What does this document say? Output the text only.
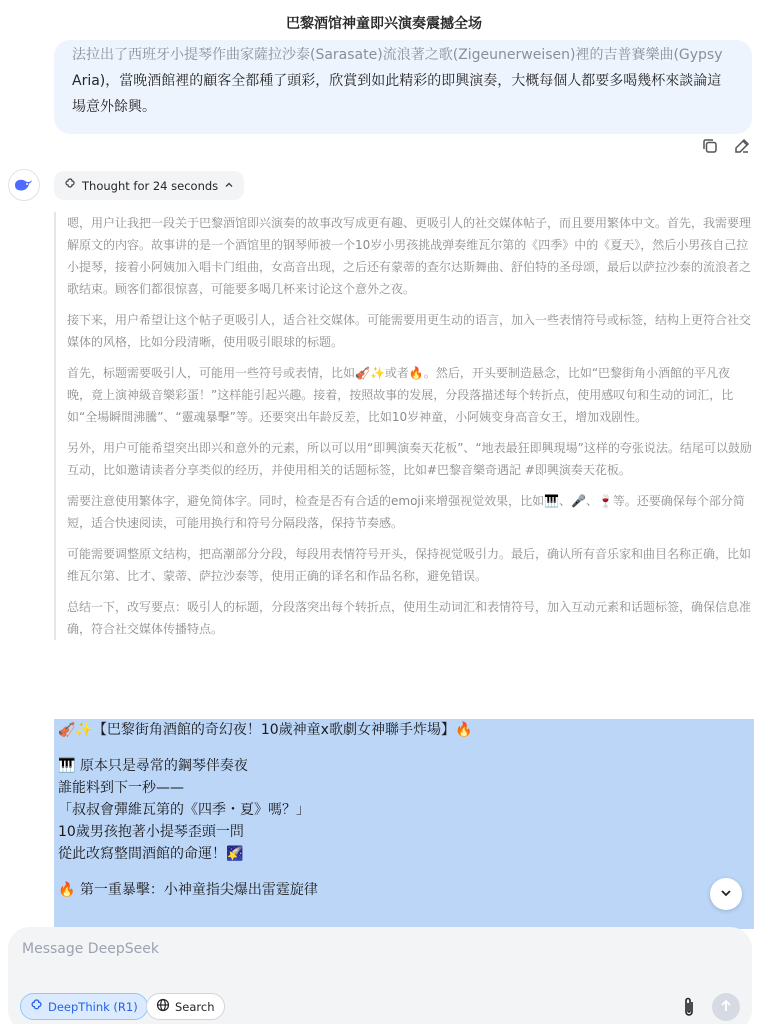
巴黎酒馆神童即兴演奏震撼全场
法拉出了西班牙小提琴作曲家薩拉沙泰(Sarasate)流浪著之歌(Zigeunerweisen)裡的吉普賽樂曲(Gypsy
Aria)，當晚酒館裡的顧客全都種了頭彩，欣賞到如此精彩的即興演奏，大概每個人都要多喝幾杯來談論這
場意外餘興。
Thought for 24 seconds

嗯，用户让我把一段关于巴黎酒馆即兴演奏的故事改写成更有趣、更吸引人的社交媒体帖子，而且要用繁体中文。首先，我需要理解原文的内容。故事讲的是一个酒馆里的钢琴师被一个10岁小男孩挑战弹奏维瓦尔第的《四季》中的《夏天》，然后小男孩自己拉小提琴，接着小阿姨加入唱卡门组曲，女高音出现，之后还有蒙蒂的查尔达斯舞曲、舒伯特的圣母颂，最后以萨拉沙泰的流浪者之歌结束。顾客们都很惊喜，可能要多喝几杯来讨论这个意外之夜。

接下来，用户希望让这个帖子更吸引人，适合社交媒体。可能需要用更生动的语言，加入一些表情符号或标签，结构上更符合社交媒体的风格，比如分段清晰，使用吸引眼球的标题。

首先，标题需要吸引人，可能用一些符号或表情，比如🎻✨或者🔥。然后，开头要制造悬念，比如“巴黎街角小酒館的平凡夜晚，竟上演神級音樂彩蛋！”这样能引起兴趣。接着，按照故事的发展，分段落描述每个转折点，使用感叹句和生动的词汇，比如“全場瞬間沸騰”、“靈魂暴擊”等。还要突出年龄反差，比如10岁神童，小阿姨变身高音女王，增加戏剧性。

另外，用户可能希望突出即兴和意外的元素，所以可以用“即興演奏天花板”、“地表最狂即興現場”这样的夸张说法。结尾可以鼓励互动，比如邀请读者分享类似的经历，并使用相关的话题标签，比如#巴黎音樂奇遇記 #即興演奏天花板。

需要注意使用繁体字，避免简体字。同时，检查是否有合适的emoji来增强视觉效果，比如🎹、🎤、🍷等。还要确保每个部分简短，适合快速阅读，可能用换行和符号分隔段落，保持节奏感。

可能需要调整原文结构，把高潮部分分段，每段用表情符号开头，保持视觉吸引力。最后，确认所有音乐家和曲目名称正确，比如维瓦尔第、比才、蒙蒂、萨拉沙泰等，使用正确的译名和作品名称，避免错误。

总结一下，改写要点：吸引人的标题，分段落突出每个转折点，使用生动词汇和表情符号，加入互动元素和话题标签，确保信息准确，符合社交媒体传播特点。

🎻✨【巴黎街角酒館的奇幻夜！10歲神童x歌劇女神聯手炸場】🔥
🎹 原本只是尋常的鋼琴伴奏夜
誰能料到下一秒——
「叔叔會彈維瓦第的《四季・夏》嗎？」
10歲男孩抱著小提琴歪頭一問
從此改寫整間酒館的命運！🌠
🔥 第一重暴擊：小神童指尖爆出雷霆旋律
Message DeepSeek
DeepThink (R1)	Search
